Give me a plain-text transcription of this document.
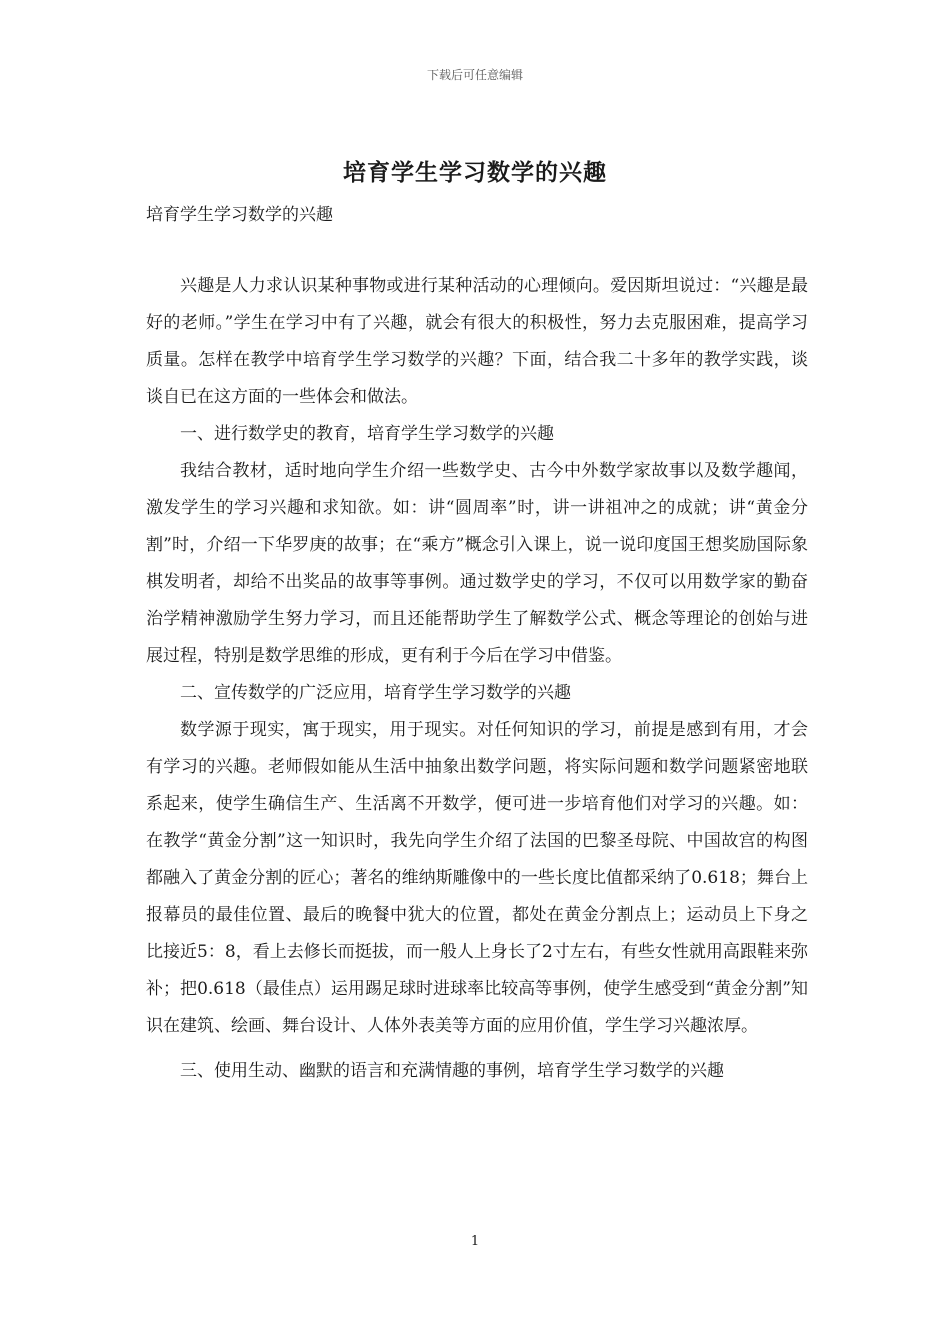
下载后可任意编辑
培育学生学习数学的兴趣
培育学生学习数学的兴趣

兴趣是人力求认识某种事物或进行某种活动的心理倾向。爱因斯坦说过：“兴趣是最好的老师。”学生在学习中有了兴趣，就会有很大的积极性，努力去克服困难，提高学习质量。怎样在教学中培育学生学习数学的兴趣？下面，结合我二十多年的教学实践，谈谈自已在这方面的一些体会和做法。

一、进行数学史的教育，培育学生学习数学的兴趣

我结合教材，适时地向学生介绍一些数学史、古今中外数学家故事以及数学趣闻，激发学生的学习兴趣和求知欲。如：讲“圆周率”时，讲一讲祖冲之的成就；讲“黄金分割”时，介绍一下华罗庚的故事；在“乘方”概念引入课上，说一说印度国王想奖励国际象棋发明者，却给不出奖品的故事等事例。通过数学史的学习，不仅可以用数学家的勤奋治学精神激励学生努力学习，而且还能帮助学生了解数学公式、概念等理论的创始与进展过程，特别是数学思维的形成，更有利于今后在学习中借鉴。

二、宣传数学的广泛应用，培育学生学习数学的兴趣

数学源于现实，寓于现实，用于现实。对任何知识的学习，前提是感到有用，才会有学习的兴趣。老师假如能从生活中抽象出数学问题，将实际问题和数学问题紧密地联系起来，使学生确信生产、生活离不开数学，便可进一步培育他们对学习的兴趣。如：在教学“黄金分割”这一知识时，我先向学生介绍了法国的巴黎圣母院、中国故宫的构图都融入了黄金分割的匠心；著名的维纳斯雕像中的一些长度比值都采纳了0.618；舞台上报幕员的最佳位置、最后的晚餐中犹大的位置，都处在黄金分割点上；运动员上下身之比接近5：8，看上去修长而挺拔，而一般人上身长了2寸左右，有些女性就用高跟鞋来弥补；把0.618（最佳点）运用踢足球时进球率比较高等事例，使学生感受到“黄金分割”知识在建筑、绘画、舞台设计、人体外表美等方面的应用价值，学生学习兴趣浓厚。

三、使用生动、幽默的语言和充满情趣的事例，培育学生学习数学的兴趣

1
